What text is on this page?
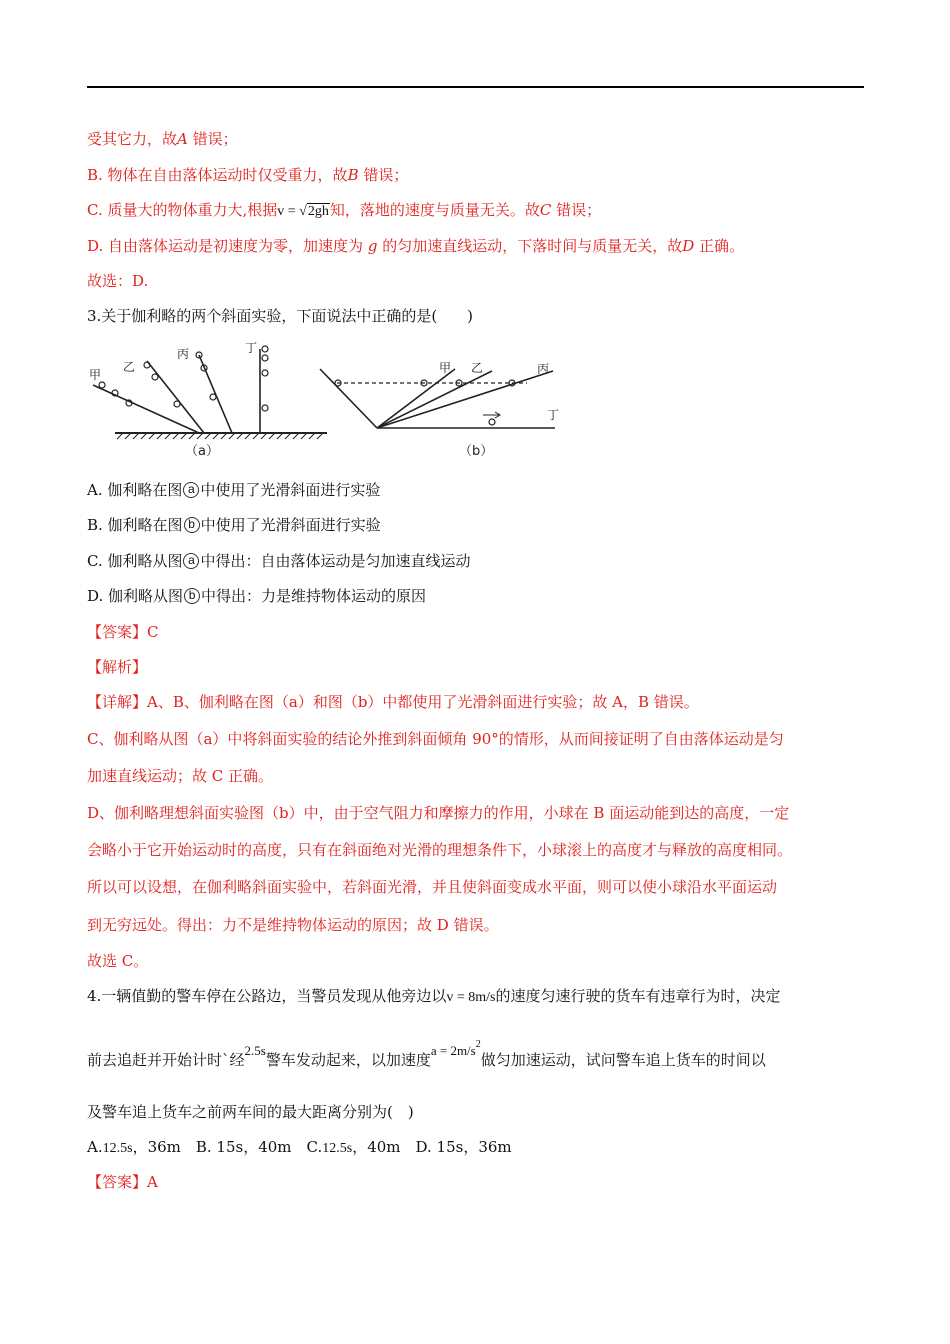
受其它力，故A 错误；
B. 物体在自由落体运动时仅受重力，故B 错误；
C. 质量大的物体重力大,根据v = √2gh知，落地的速度与质量无关。故C 错误；
D. 自由落体运动是初速度为零，加速度为 g 的匀加速直线运动，下落时间与质量无关，故D 正确。
故选：D.
3.关于伽利略的两个斜面实验，下面说法中正确的是(　　)
甲
乙
丙	丁
（a）
甲 乙	丙
丁
（b）
A. 伽利略在图 a 中使用了光滑斜面进行实验
B. 伽利略在图 b 中使用了光滑斜面进行实验
C. 伽利略从图 a 中得出：自由落体运动是匀加速直线运动
D. 伽利略从图 b 中得出：力是维持物体运动的原因
【答案】C
【解析】
【详解】A、B、伽利略在图（a）和图（b）中都使用了光滑斜面进行实验；故 A，B 错误。
C、伽利略从图（a）中将斜面实验的结论外推到斜面倾角 90°的情形，从而间接证明了自由落体运动是匀
加速直线运动；故 C 正确。
D、伽利略理想斜面实验图（b）中，由于空气阻力和摩擦力的作用，小球在 B 面运动能到达的高度，一定
会略小于它开始运动时的高度，只有在斜面绝对光滑的理想条件下，小球滚上的高度才与释放的高度相同。
所以可以设想，在伽利略斜面实验中，若斜面光滑，并且使斜面变成水平面，则可以使小球沿水平面运动
到无穷远处。得出：力不是维持物体运动的原因；故 D 错误。
故选 C。
4.一辆值勤的警车停在公路边，当警员发现从他旁边以v = 8m/s的速度匀速行驶的货车有违章行为时，决定
前去追赶并开始计时`经2.5s警车发动起来，以加速度$a = 2m/s^2$做匀加速运动，试问警车追上货车的时间以
及警车追上货车之前两车间的最大距离分别为(　)
A.12.5s，36m　B. 15s，40m　C.12.5s，40m　D. 15s，36m
【答案】A
